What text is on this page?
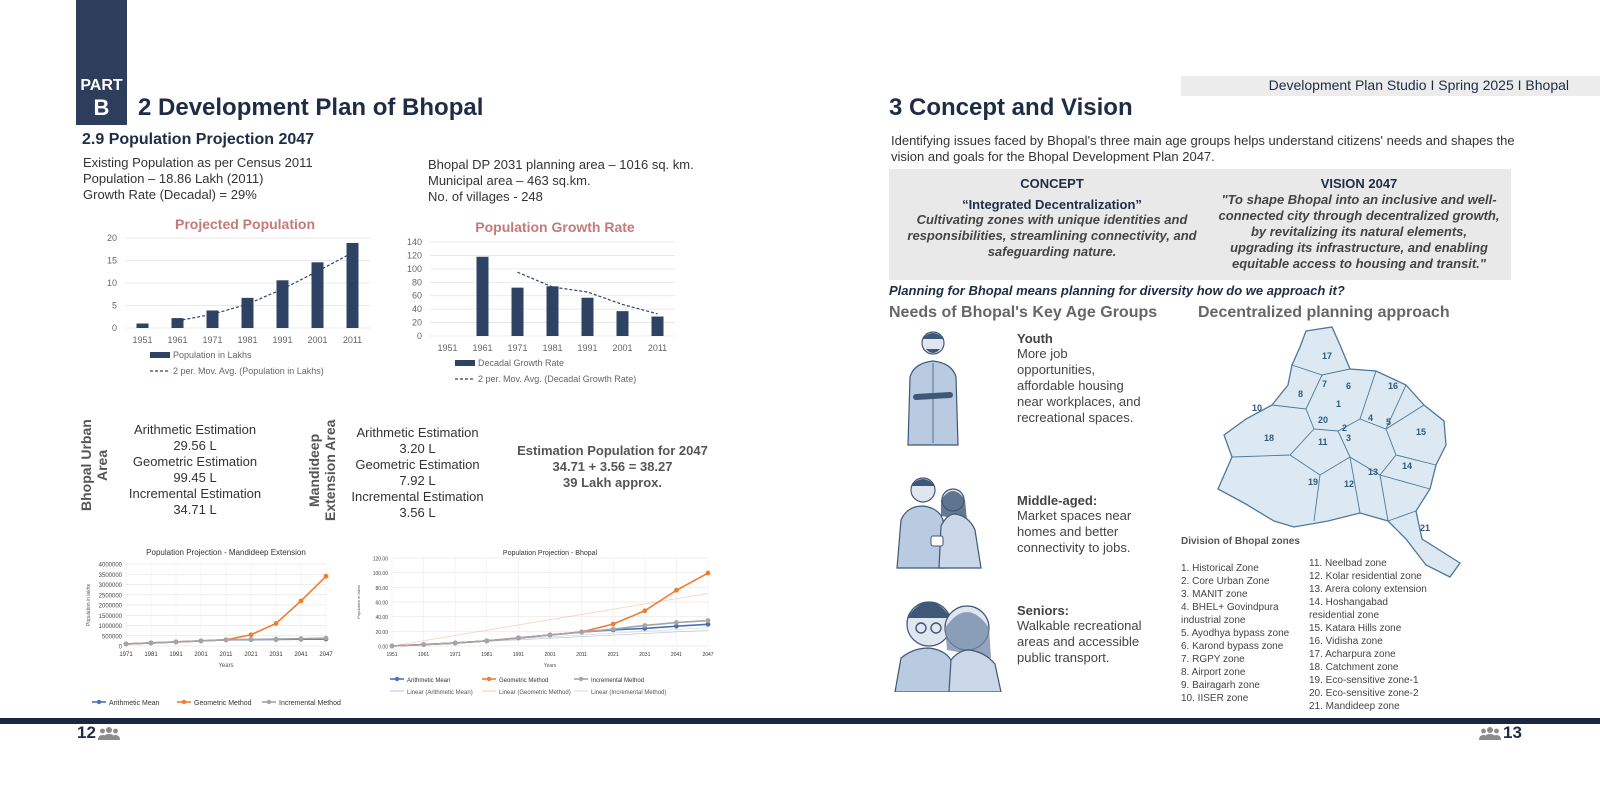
PART
B	2 Development Plan of Bhopal
2.9 Population Projection 2047
Existing Population as per Census 2011
Population – 18.86 Lakh (2011)
Growth Rate (Decadal) = 29%
Bhopal DP 2031 planning area – 1016 sq. km.
Municipal area – 463 sq.km.
No. of villages - 248
Projected Population
0
5
10
15
20
1951 1961 1971 1981 1991 2001 2011
Population in Lakhs
2 per. Mov. Avg. (Population in Lakhs)
Population Growth Rate
0
20
40
60
80
100
120
140
1951 1961 1971 1981 1991 2001 2011
Decadal Growth Rate
2 per. Mov. Avg. (Decadal Growth Rate)
Bhopal Urban Area
Arithmetic Estimation
29.56 L
Geometric Estimation
99.45 L
Incremental Estimation
34.71 L
Mandideep Extension Area	Arithmetic Estimation
3.20 L
Geometric Estimation
7.92 L
Incremental Estimation
3.56 L
Estimation Population for 2047
34.71 + 3.56 = 38.27
39 Lakh approx.
Population Projection - Mandideep Extension
0
500000
1000000
1500000
2000000
2500000
3000000
3500000
4000000
1971 1981 1991 2001 2011 2021 2031 2041 2047
Years
Population in lakhs
Arithmetic Mean	Geometric Method	Incremental Method
Population Projection - Bhopal
0.00
20.00
40.00
60.00
80.00
100.00
120.00
1951	1961	1971	1981	1991	2001	2011	2021	2031	2041	2047
Years
Population in lakhs
Arithmetic Mean	Geometric Method	Incremental Method
Linear (Arithmetic Mean)	Linear (Geometric Method)	Linear (Incremental Method)
Development Plan Studio I Spring 2025 I Bhopal
3 Concept and Vision
Identifying issues faced by Bhopal's three main age groups helps understand citizens' needs and shapes the vision and goals for the Bhopal Development Plan 2047.
CONCEPT
“Integrated Decentralization”
Cultivating zones with unique identities and responsibilities, streamlining connectivity, and safeguarding nature.
VISION 2047
"To shape Bhopal into an inclusive and well-connected city through decentralized growth, by revitalizing its natural elements, upgrading its infrastructure, and enabling equitable access to housing and transit."
Planning for Bhopal means planning for diversity how do we approach it?
Needs of Bhopal's Key Age Groups	Decentralized planning approach
Youth
More job opportunities, affordable housing near workplaces, and recreational spaces.
Middle-aged:
Market spaces near homes and better connectivity to jobs.
Seniors:
Walkable recreational areas and accessible public transport.
17
16
7 6
8
10	1
4 5
15
20
2
18	3
11
13
14
19	12
21
Division of Bhopal zones
1. Historical Zone
2. Core Urban Zone
3. MANIT zone
4. BHEL+ Govindpura
industrial zone
5. Ayodhya bypass zone
6. Karond bypass zone
7. RGPY zone
8. Airport zone
9. Bairagarh zone
10. IISER zone
11. Neelbad zone
12. Kolar residential zone
13. Arera colony extension
14. Hoshangabad
residential zone
15. Katara Hills zone
16. Vidisha zone
17. Acharpura zone
18. Catchment zone
19. Eco-sensitive zone-1
20. Eco-sensitive zone-2
21. Mandideep zone
12	13
